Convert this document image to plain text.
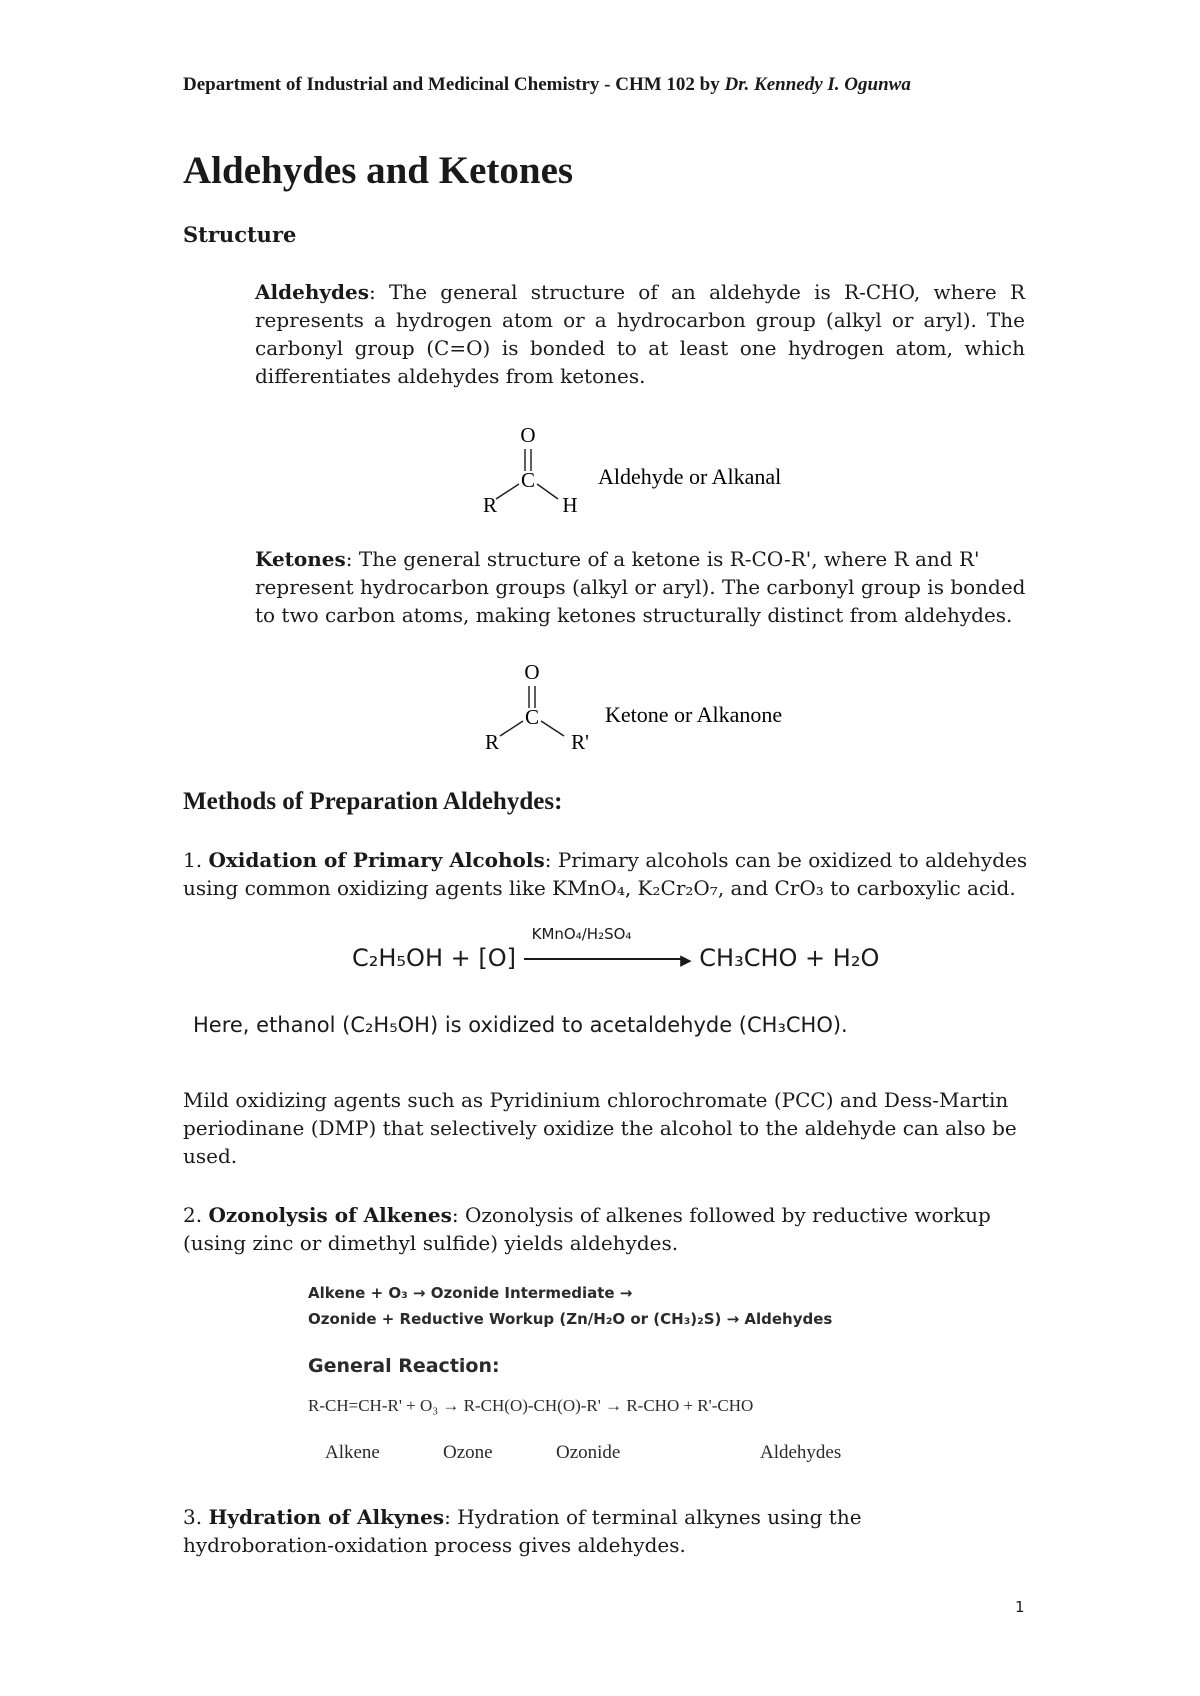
Department of Industrial and Medicinal Chemistry - CHM 102 by Dr. Kennedy I. Ogunwa
Aldehydes and Ketones
Structure
Aldehydes: The general structure of an aldehyde is R-CHO, where R represents a hydrogen atom or a hydrocarbon group (alkyl or aryl). The carbonyl group (C=O) is bonded to at least one hydrogen atom, which differentiates aldehydes from ketones.
O
C
R	H
Aldehyde or Alkanal
Ketones: The general structure of a ketone is R-CO-R', where R and R' represent hydrocarbon groups (alkyl or aryl). The carbonyl group is bonded to two carbon atoms, making ketones structurally distinct from aldehydes.
O
C
R	R'
Ketone or Alkanone
Methods of Preparation Aldehydes:
1. Oxidation of Primary Alcohols: Primary alcohols can be oxidized to aldehydes using common oxidizing agents like KMnO₄, K₂Cr₂O₇, and CrO₃ to carboxylic acid.
C₂H₅OH + [O]
KMnO₄/H₂SO₄
▶ CH₃CHO + H₂O
Here, ethanol (C₂H₅OH) is oxidized to acetaldehyde (CH₃CHO).
Mild oxidizing agents such as Pyridinium chlorochromate (PCC) and Dess-Martin periodinane (DMP) that selectively oxidize the alcohol to the aldehyde can also be used.
2. Ozonolysis of Alkenes: Ozonolysis of alkenes followed by reductive workup (using zinc or dimethyl sulfide) yields aldehydes.
Alkene + O₃ → Ozonide Intermediate →
Ozonide + Reductive Workup (Zn/H₂O or (CH₃)₂S) → Aldehydes
General Reaction:
R-CH=CH-R' + O₃ → R-CH(O)-CH(O)-R' → R-CHO + R'-CHO
Alkene	Ozone	Ozonide	Aldehydes
3. Hydration of Alkynes: Hydration of terminal alkynes using the hydroboration-oxidation process gives aldehydes.
1
